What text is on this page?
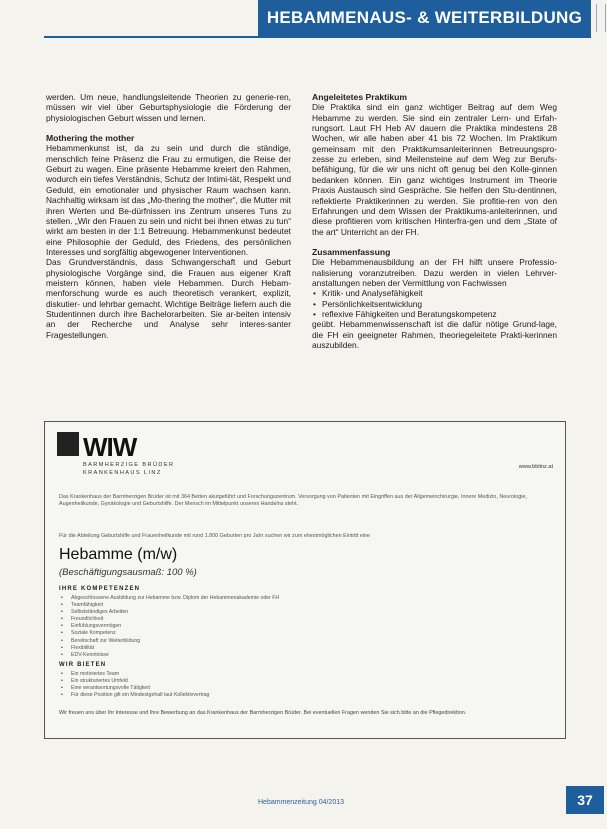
HEBAMMENAUS- & WEITERBILDUNG

werden. Um neue, handlungsleitende Theorien zu generie-ren, müssen wir viel über Geburtsphysiologie die Förderung der physiologischen Geburt wissen und lernen.

Mothering the mother

Hebammenkunst ist, da zu sein und durch die ständige, menschlich feine Präsenz die Frau zu ermutigen, die Reise der Geburt zu wagen. Eine präsente Hebamme kreiert den Rahmen, wodurch ein tiefes Verständnis, Schutz der Intimi-tät, Respekt und Geduld, ein emotionaler und physischer Raum wachsen kann. Nachhaltig wirksam ist das „Mo-thering the mother“, die Mutter mit ihren Werten und Be-dürfnissen ins Zentrum unseres Tuns zu stellen. „Wir den Frauen zu sein und nicht bei ihnen etwas zu tun“ wirkt am besten in der 1:1 Betreuung. Hebammenkunst bedeutet eine Philosophie der Geduld, des Friedens, des persönlichen Interesses und sorgfältig abgewogener Interventionen.

Das Grundverständnis, dass Schwangerschaft und Geburt physiologische Vorgänge sind, die Frauen aus eigener Kraft meistern können, haben viele Hebammen. Durch Hebam-menforschung wurde es auch theoretisch verankert, explizit, diskutier- und lehrbar gemacht. Wichtige Beiträge liefern auch die Studentinnen durch ihre Bachelorarbeiten. Sie ar-beiten intensiv an der Recherche und Analyse sehr interes-santer Fragestellungen.

Angeleitetes Praktikum

Die Praktika sind ein ganz wichtiger Beitrag auf dem Weg Hebamme zu werden. Sie sind ein zentraler Lern- und Erfah-rungsort. Laut FH Heb AV dauern die Praktika mindestens 28 Wochen, wir alle haben aber 41 bis 72 Wochen. Im Praktikum gemeinsam mit den Praktikumsanleiterinnen Betreuungspro-zesse zu erleben, sind Meilensteine auf dem Weg zur Berufs-befähigung, für die wir uns nicht oft genug bei den Kolle-ginnen bedanken können. Ein ganz wichtiges Instrument im Theorie Praxis Austausch sind Gespräche. Sie helfen den Stu-dentinnen, reflektierte Praktikerinnen zu werden. Sie profitie-ren von den Erfahrungen und dem Wissen der Praktikums-anleiterinnen, und diese profitieren vom kritischen Hinterfra-gen und dem „State of the art“ Unterricht an der FH.

Zusammenfassung

Die Hebammenausbildung an der FH hilft unsere Professio-nalisierung voranzutreiben. Dazu werden in vielen Lehrver-anstaltungen neben der Vermittlung von Fachwissen

• Kritik- und Analysefähigkeit
• Persönlichkeitsentwicklung
• reflexive Fähigkeiten und Beratungskompetenz

geübt. Hebammenwissenschaft ist die dafür nötige Grund-lage, die FH ein geeigneter Rahmen, theoriegeleitete Prakti-kerinnen auszubilden.

WIW
BARMHERZIGE BRÜDER
KRANKENHAUS LINZ
www.bblinz.at
Das Krankenhaus der Barmherzigen Brüder ist mit 364 Betten akutgeführt und Forschungszentrum. Versorgung von Patienten mit Eingriffen aus der Allgemeinchirurgie, Innere Medizin, Neurologie, Augenheilkunde, Gynäkologie und Geburtshilfe. Der Mensch im Mittelpunkt unseres Handelns steht.
Für die Abteilung Geburtshilfe und Frauenheilkunde mit rund 1.800 Geburten pro Jahr suchen wir zum ehestmöglichen Eintritt eine
Hebamme (m/w)
(Beschäftigungsausmaß: 100 %)
IHRE KOMPETENZEN
• Abgeschlossene Ausbildung zur Hebamme bzw. Diplom der Hebammenakademie oder FH
• Teamfähigkeit
• Selbstständiges Arbeiten
• Freundlichkeit
• Einfühlungsvermögen
• Soziale Kompetenz
• Bereitschaft zur Weiterbildung
• Flexibilität
• EDV-Kenntnisse
WIR BIETEN
• Ein motiviertes Team
• Ein strukturiertes Umfeld
• Eine verantwortungsvolle Tätigkeit
• Für diese Position gilt ein Mindestgehalt laut Kollektivvertrag
Wir freuen uns über Ihr Interesse und Ihre Bewerbung an das Krankenhaus der Barmherzigen Brüder. Bei eventuellen Fragen wenden Sie sich bitte an die Pflegedirektion.
Hebammenzeitung 04/2013	37
